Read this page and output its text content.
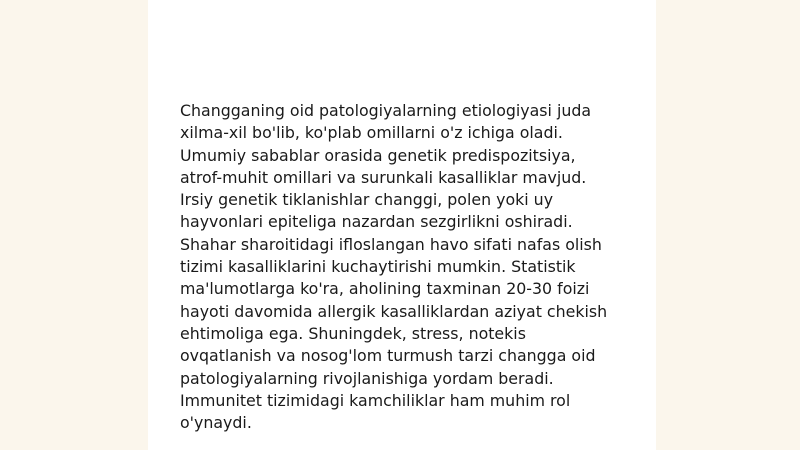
Changganing oid patologiyalarning etiologiyasi juda
xilma-xil bo'lib, ko'plab omillarni o'z ichiga oladi.
Umumiy sabablar orasida genetik predispozitsiya,
atrof-muhit omillari va surunkali kasalliklar mavjud.
Irsiy genetik tiklanishlar changgi, polen yoki uy
hayvonlari epiteliga nazardan sezgirlikni oshiradi.
Shahar sharoitidagi ifloslangan havo sifati nafas olish
tizimi kasalliklarini kuchaytirishi mumkin. Statistik
ma'lumotlarga ko'ra, aholining taxminan 20-30 foizi
hayoti davomida allergik kasalliklardan aziyat chekish
ehtimoliga ega. Shuningdek, stress, notekis
ovqatlanish va nosog'lom turmush tarzi changga oid
patologiyalarning rivojlanishiga yordam beradi.
Immunitet tizimidagi kamchiliklar ham muhim rol
o'ynaydi.
